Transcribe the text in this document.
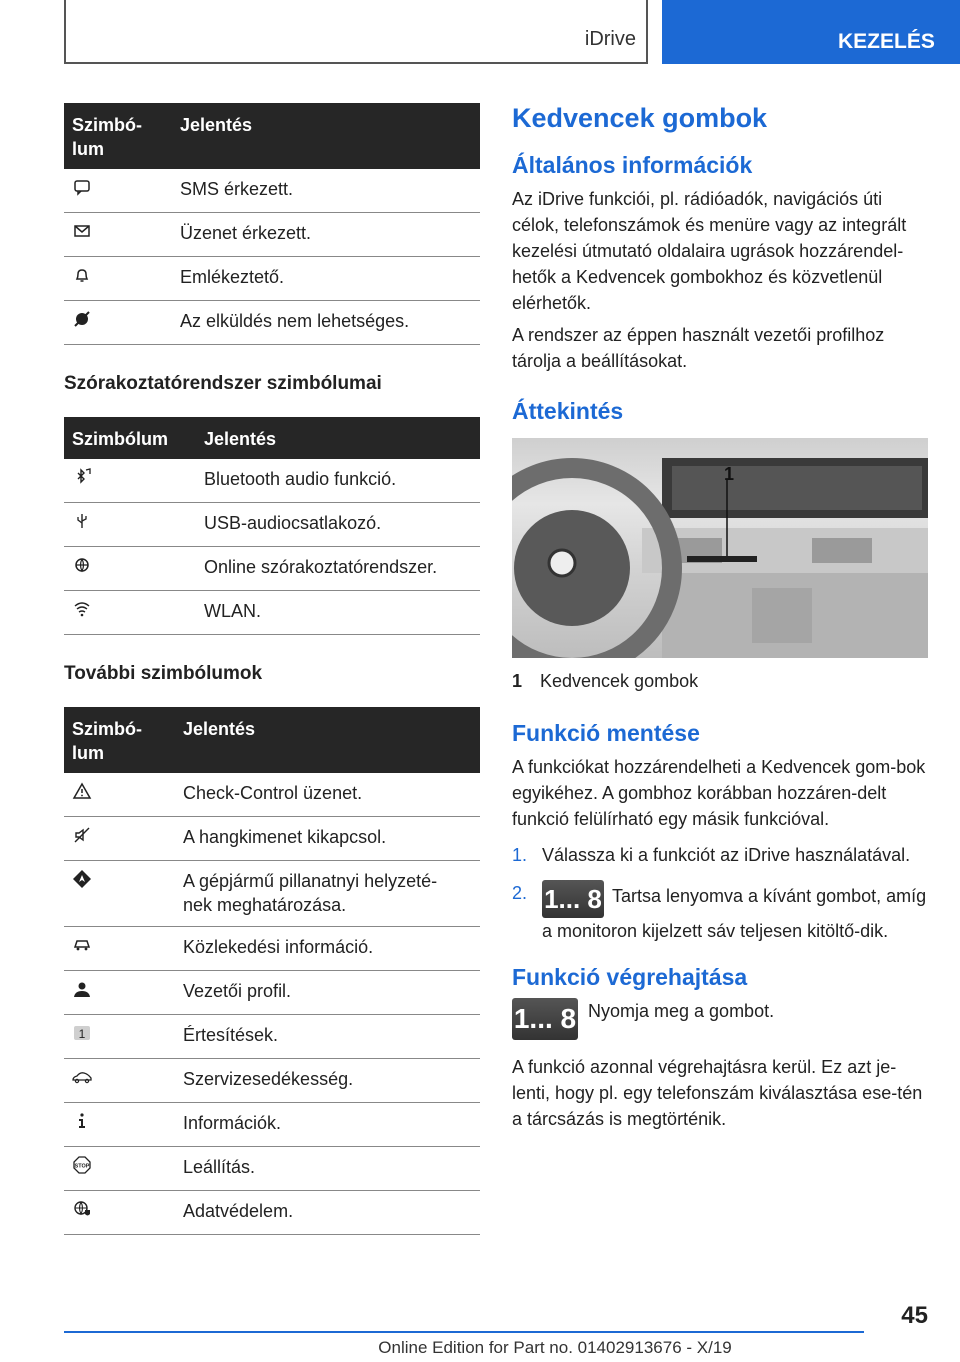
iDrive	KEZELÉS
Szimbó-
lum	Jelentés

	SMS érkezett.

	Üzenet érkezett.

	Emlékeztető.

	Az elküldés nem lehetséges.
Szórakoztatórendszer szimbólumai
Szimbólum	Jelentés

	Bluetooth audio funkció.

	USB-audiocsatlakozó.

	Online szórakoztatórendszer.

	WLAN.
További szimbólumok
Szimbó-
lum	Jelentés

	Check-Control üzenet.

	A hangkimenet kikapcsol.

	A gépjármű pillanatnyi helyzeté-
nek meghatározása.

	Közlekedési információ.

	Vezetői profil.

1	Értesítések.

	Szervizesedékesség.

	Információk.

STOP	Leállítás.

	Adatvédelem.
Kedvencek gombok
Általános információk

Az iDrive funkciói, pl. rádióadók, navigációs úti célok, telefonszámok és menüre vagy az integrált kezelési útmutató oldalaira ugrások hozzárendel-hetők a Kedvencek gombokhoz és közvetlenül elérhetők.

A rendszer az éppen használt vezetői profilhoz tárolja a beállításokat.

Áttekintés
1
1 Kedvencek gombok
Funkció mentése

A funkciókat hozzárendelheti a Kedvencek gom-bok egyikéhez. A gombhoz korábban hozzáren-delt funkció felülírható egy másik funkcióval.

1. Válassza ki a funkciót az iDrive használatával.
2. 1... 8 Tartsa lenyomva a kívánt gombot, amíg a monitoron kijelzett sáv teljesen kitöltő-dik.
Funkció végrehajtása
1... 8 Nyomja meg a gombot.

A funkció azonnal végrehajtásra kerül. Ez azt je-lenti, hogy pl. egy telefonszám kiválasztása ese-tén a tárcsázás is megtörténik.

45
Online Edition for Part no. 01402913676 - X/19
